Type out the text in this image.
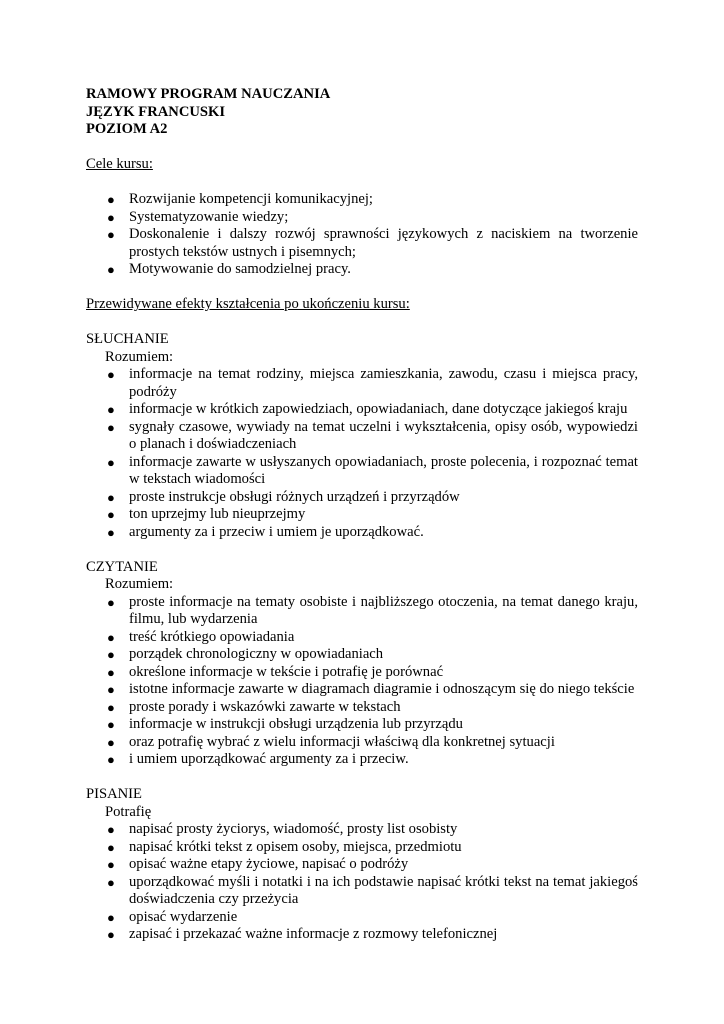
RAMOWY PROGRAM NAUCZANIA

JĘZYK FRANCUSKI

POZIOM A2

Cele kursu:

● Rozwijanie kompetencji komunikacyjnej;
● Systematyzowanie wiedzy;
● Doskonalenie i dalszy rozwój sprawności językowych z naciskiem na tworzenie prostych tekstów ustnych i pisemnych;
● Motywowanie do samodzielnej pracy.

Przewidywane efekty kształcenia po ukończeniu kursu:

SŁUCHANIE

Rozumiem:

● informacje na temat rodziny, miejsca zamieszkania, zawodu, czasu i miejsca pracy, podróży
● informacje w krótkich zapowiedziach, opowiadaniach, dane dotyczące jakiegoś kraju
● sygnały czasowe, wywiady na temat uczelni i wykształcenia, opisy osób, wypowiedzi o planach i doświadczeniach
● informacje zawarte w usłyszanych opowiadaniach, proste polecenia, i rozpoznać temat w tekstach wiadomości
● proste instrukcje obsługi różnych urządzeń i przyrządów
● ton uprzejmy lub nieuprzejmy
● argumenty za i przeciw i umiem je uporządkować.

CZYTANIE

Rozumiem:

● proste informacje na tematy osobiste i najbliższego otoczenia, na temat danego kraju, filmu, lub wydarzenia
● treść krótkiego opowiadania
● porządek chronologiczny w opowiadaniach
● określone informacje w tekście i potrafię je porównać
● istotne informacje zawarte w diagramach diagramie i odnoszącym się do niego tekście
● proste porady i wskazówki zawarte w tekstach
● informacje w instrukcji obsługi urządzenia lub przyrządu
● oraz potrafię wybrać z wielu informacji właściwą dla konkretnej sytuacji
● i umiem uporządkować argumenty za i przeciw.

PISANIE

Potrafię

● napisać prosty życiorys, wiadomość, prosty list osobisty
● napisać krótki tekst z opisem osoby, miejsca, przedmiotu
● opisać ważne etapy życiowe, napisać o podróży
● uporządkować myśli i notatki i na ich podstawie napisać krótki tekst na temat jakiegoś doświadczenia czy przeżycia
● opisać wydarzenie
● zapisać i przekazać ważne informacje z rozmowy telefonicznej
